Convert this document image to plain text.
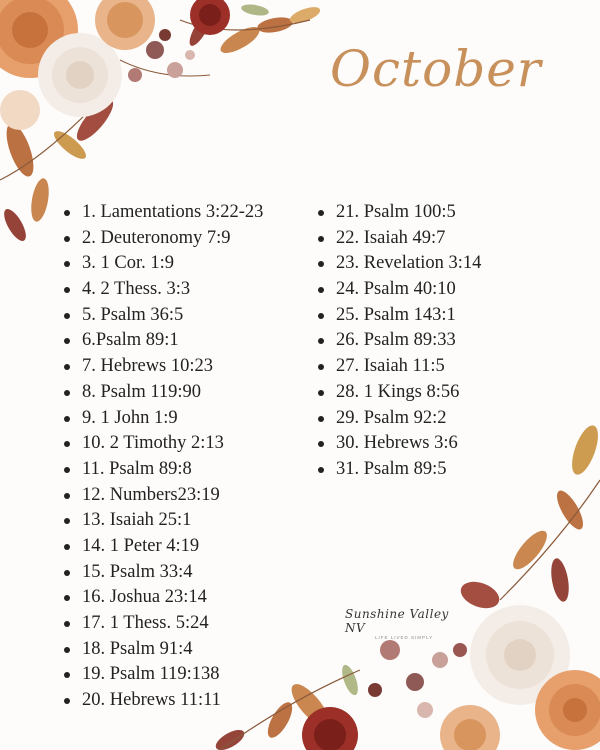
October
1. Lamentations 3:22-23
2. Deuteronomy 7:9
3. 1 Cor. 1:9
4. 2 Thess. 3:3
5. Psalm 36:5
6.Psalm 89:1
7. Hebrews 10:23
8. Psalm 119:90
9. 1 John 1:9
10. 2 Timothy 2:13
11. Psalm 89:8
12. Numbers23:19
13. Isaiah 25:1
14. 1 Peter 4:19
15. Psalm 33:4
16. Joshua 23:14
17. 1 Thess. 5:24
18. Psalm 91:4
19. Psalm 119:138
20. Hebrews 11:11
21. Psalm 100:5
22. Isaiah 49:7
23. Revelation 3:14
24. Psalm 40:10
25. Psalm 143:1
26. Psalm 89:33
27. Isaiah 11:5
28. 1 Kings 8:56
29. Psalm 92:2
30. Hebrews 3:6
31. Psalm 89:5
Sunshine Valley NV
LIFE LIVED SIMPLY
